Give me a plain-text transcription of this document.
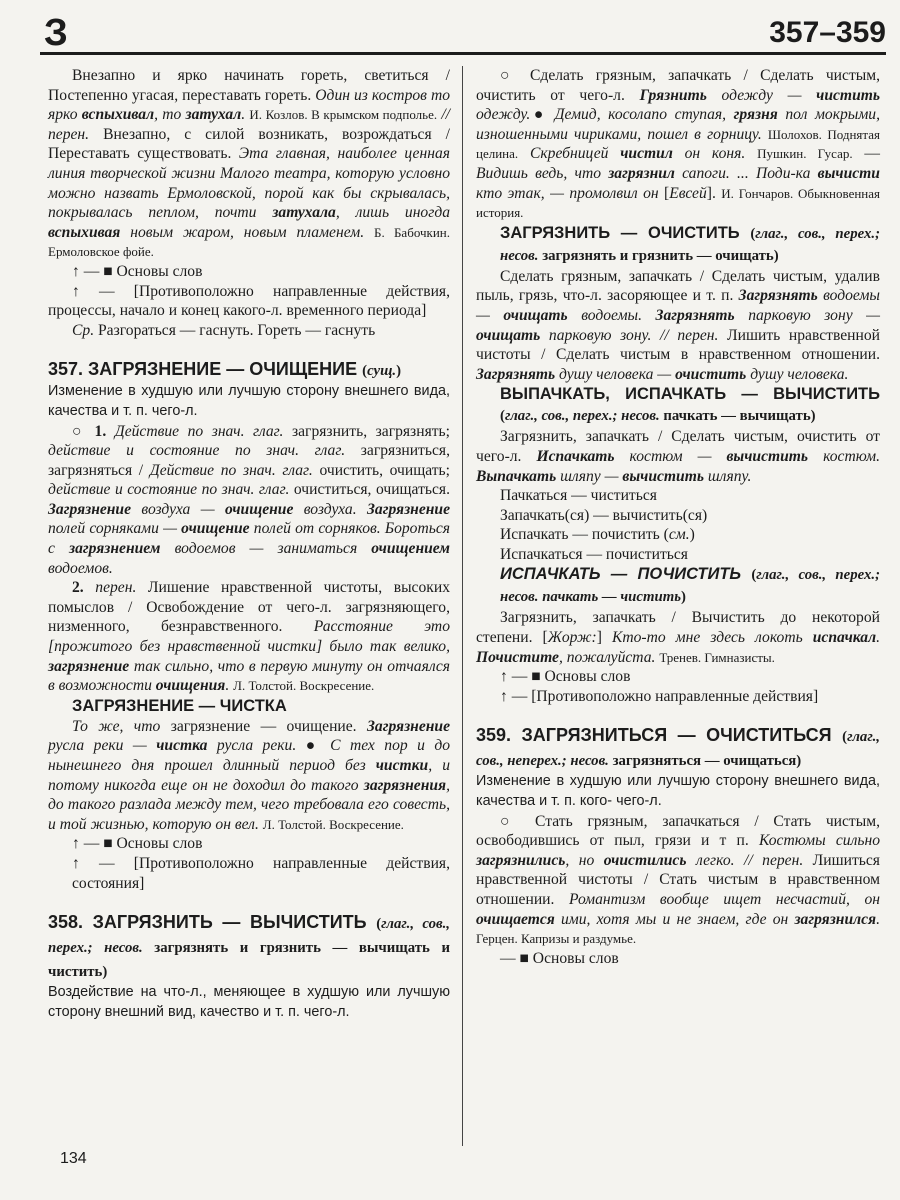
З	357–359

Внезапно и ярко начинать гореть, светиться / Постепенно угасая, переставать гореть. Один из костров то ярко вспыхивал, то затухал. И. Козлов. В крымском подполье. // перен. Внезапно, с силой возникать, возрождаться / Переставать существовать. Эта главная, наиболее ценная линия творческой жизни Малого театра, которую условно можно назвать Ермоловской, порой как бы скрывалась, покрывалась пеплом, почти затухала, лишь иногда вспыхивая новым жаром, новым пламенем. Б. Бабочкин. Ермоловское фойе.

↑ — ■ Основы слов

↑ — [Противоположно направленные действия, процессы, начало и конец какого-л. временного периода]

Ср. Разгораться — гаснуть. Гореть — гаснуть

357. ЗАГРЯЗНЕНИЕ — ОЧИЩЕНИЕ (сущ.)

Изменение в худшую или лучшую сторону внешнего вида, качества и т. п. чего-л.

○ 1. Действие по знач. глаг. загрязнить, загрязнять; действие и состояние по знач. глаг. загрязниться, загрязняться / Действие по знач. глаг. очистить, очищать; действие и состояние по знач. глаг. очиститься, очищаться. Загрязнение воздуха — очищение воздуха. Загрязнение полей сорняками — очищение полей от сорняков. Бороться с загрязнением водоемов — заниматься очищением водоемов.

2. перен. Лишение нравственной чистоты, высоких помыслов / Освобождение от чего-л. загрязняющего, низменного, безнравственного. Расстояние это [прожитого без нравственной чистки] было так велико, загрязнение так сильно, что в первую минуту он отчаялся в возможности очищения. Л. Толстой. Воскресение.

ЗАГРЯЗНЕНИЕ — ЧИСТКА

То же, что загрязнение — очищение. Загрязнение русла реки — чистка русла реки. ● С тех пор и до нынешнего дня прошел длинный период без чистки, и потому никогда еще он не доходил до такого загрязнения, до такого разлада между тем, чего требовала его совесть, и той жизнью, которую он вел. Л. Толстой. Воскресение.

↑ — ■ Основы слов

↑ — [Противоположно направленные действия, состояния]

358. ЗАГРЯЗНИТЬ — ВЫЧИСТИТЬ (глаг., сов., перех.; несов. загрязнять и грязнить — вычищать и чистить)

Воздействие на что-л., меняющее в худшую или лучшую сторону внешний вид, качество и т. п. чего-л.

○ Сделать грязным, запачкать / Сделать чистым, очистить от чего-л. Грязнить одежду — чистить одежду.● Демид, косолапо ступая, грязня пол мокрыми, изношенными чириками, пошел в горницу. Шолохов. Поднятая целина. Скребницей чистил он коня. Пушкин. Гусар. — Видишь ведь, что загрязнил сапоги. ... Поди-ка вычисти кто этак, — промолвил он [Евсей]. И. Гончаров. Обыкновенная история.

ЗАГРЯЗНИТЬ — ОЧИСТИТЬ (глаг., сов., перех.; несов. загрязнять и грязнить — очищать)

Сделать грязным, запачкать / Сделать чистым, удалив пыль, грязь, что-л. засоряющее и т. п. Загрязнять водоемы — очищать водоемы. Загрязнять парковую зону — очищать парковую зону. // перен. Лишить нравственной чистоты / Сделать чистым в нравственном отношении. Загрязнять душу человека — очистить душу человека.

ВЫПАЧКАТЬ, ИСПАЧКАТЬ — ВЫЧИСТИТЬ (глаг., сов., перех.; несов. пачкать — вычищать)

Загрязнить, запачкать / Сделать чистым, очистить от чего-л. Испачкать костюм — вычистить костюм. Выпачкать шляпу — вычистить шляпу.

Пачкаться — чиститься

Запачкать(ся) — вычистить(ся)

Испачкать — почистить (см.)

Испачкаться — почиститься

ИСПАЧКАТЬ — ПОЧИСТИТЬ (глаг., сов., перех.; несов. пачкать — чистить)

Загрязнить, запачкать / Вычистить до некоторой степени. [Жорж:] Кто-то мне здесь локоть испачкал. Почистите, пожалуйста. Тренев. Гимназисты.

↑ — ■ Основы слов

↑ — [Противоположно направленные действия]

359. ЗАГРЯЗНИТЬСЯ — ОЧИСТИТЬСЯ (глаг., сов., неперех.; несов. загрязняться — очищаться)

Изменение в худшую или лучшую сторону внешнего вида, качества и т. п. кого- чего-л.

○ Стать грязным, запачкаться / Стать чистым, освободившись от пыл, грязи и т п. Костюмы сильно загрязнились, но очистились легко. // перен. Лишиться нравственной чистоты / Стать чистым в нравственном отношении. Романтизм вообще ищет несчастий, он очищается ими, хотя мы и не знаем, где он загрязнился. Герцен. Капризы и раздумье.

— ■ Основы слов

134
